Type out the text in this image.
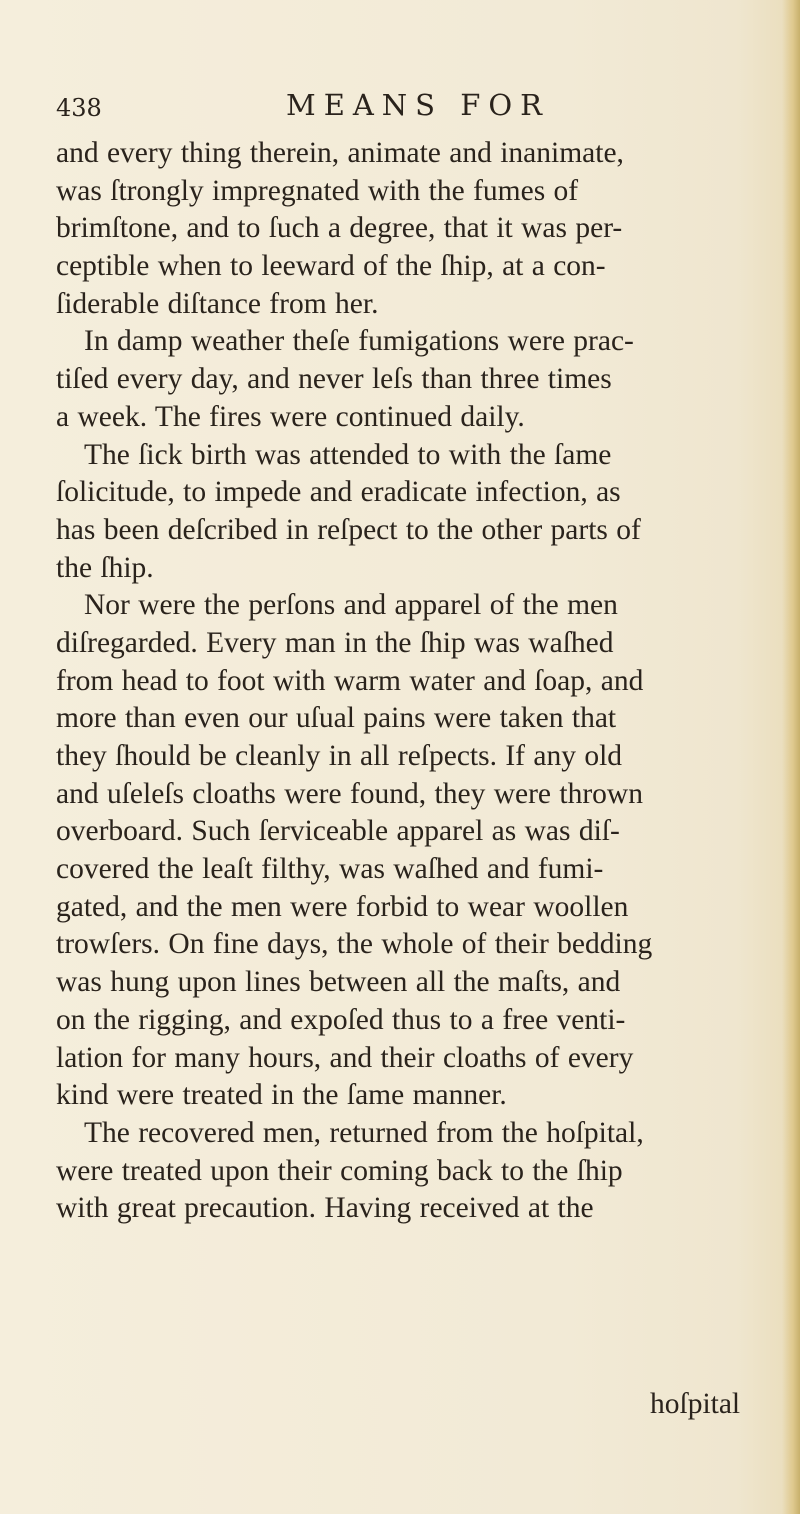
438	MEANS FOR
and every thing therein, animate and inanimate,
was ſtrongly impregnated with the fumes of
brimſtone, and to ſuch a degree, that it was per-
ceptible when to leeward of the ſhip, at a con-
ſiderable diſtance from her.
In damp weather theſe fumigations were prac-
tiſed every day, and never leſs than three times
a week. The fires were continued daily.
The ſick birth was attended to with the ſame
ſolicitude, to impede and eradicate infection, as
has been deſcribed in reſpect to the other parts of
the ſhip.
Nor were the perſons and apparel of the men
diſregarded. Every man in the ſhip was waſhed
from head to foot with warm water and ſoap, and
more than even our uſual pains were taken that
they ſhould be cleanly in all reſpects. If any old
and uſeleſs cloaths were found, they were thrown
overboard. Such ſerviceable apparel as was diſ-
covered the leaſt filthy, was waſhed and fumi-
gated, and the men were forbid to wear woollen
trowſers. On fine days, the whole of their bedding
was hung upon lines between all the maſts, and
on the rigging, and expoſed thus to a free venti-
lation for many hours, and their cloaths of every
kind were treated in the ſame manner.
The recovered men, returned from the hoſpital,
were treated upon their coming back to the ſhip
with great precaution. Having received at the
hoſpital
